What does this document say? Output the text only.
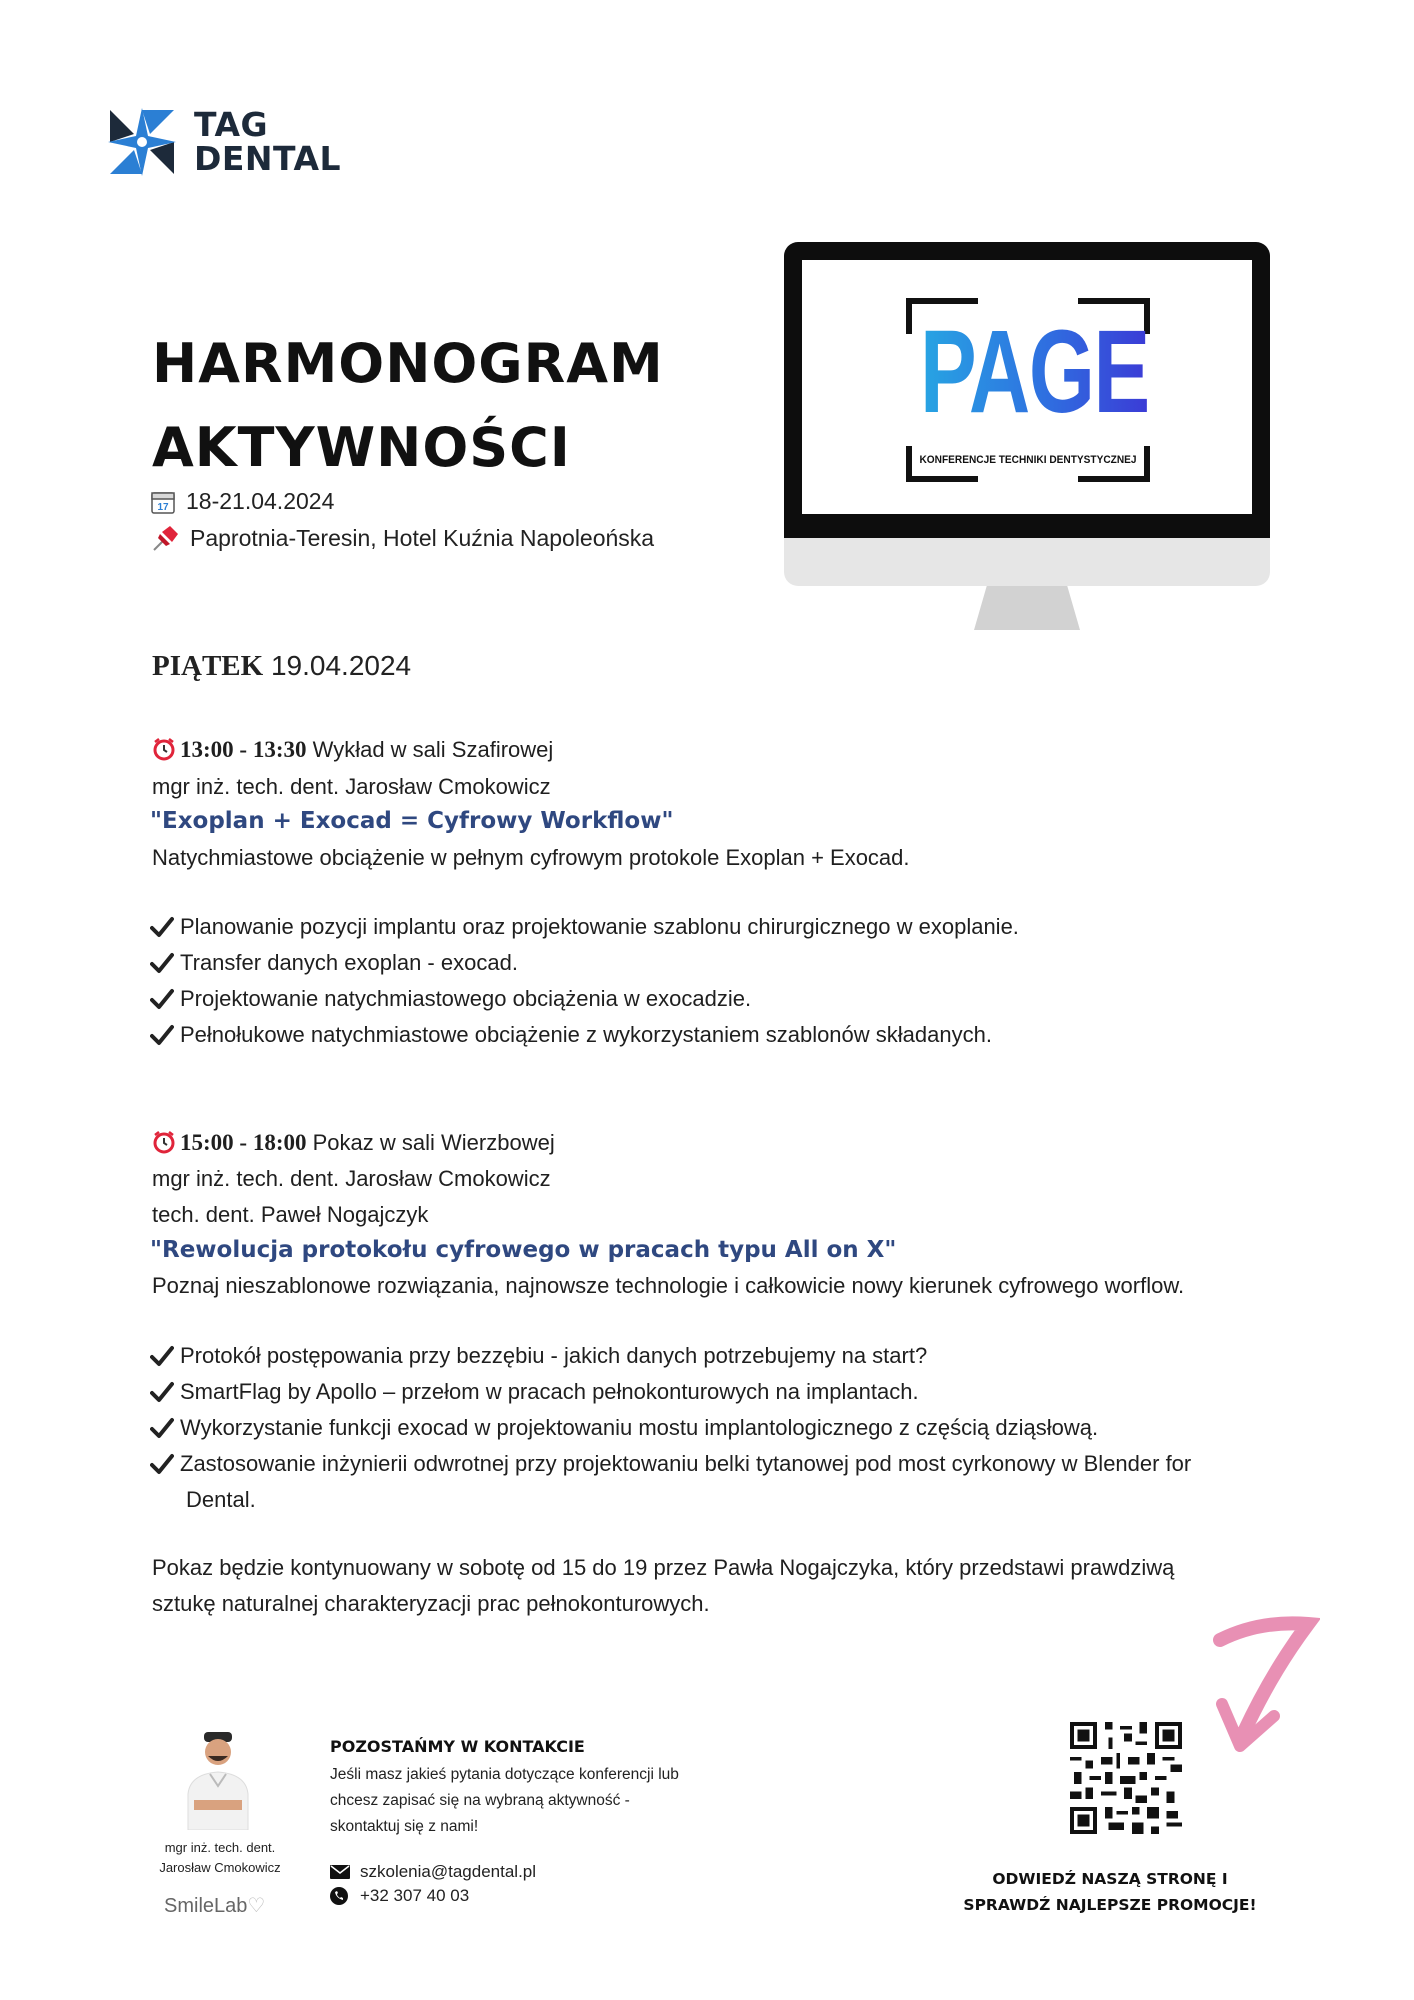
TAG
DENTAL
HARMONOGRAM
AKTYWNOŚCI
17 18-21.04.2024
Paprotnia-Teresin, Hotel Kuźnia Napoleońska
PAGE
KONFERENCJE TECHNIKI DENTYSTYCZNEJ
PIĄTEK 19.04.2024
13:00 - 13:30 Wykład w sali Szafirowej
mgr inż. tech. dent. Jarosław Cmokowicz
"Exoplan + Exocad = Cyfrowy Workflow"
Natychmiastowe obciążenie w pełnym cyfrowym protokole Exoplan + Exocad.
Planowanie pozycji implantu oraz projektowanie szablonu chirurgicznego w exoplanie.
Transfer danych exoplan - exocad.
Projektowanie natychmiastowego obciążenia w exocadzie.
Pełnołukowe natychmiastowe obciążenie z wykorzystaniem szablonów składanych.
15:00 - 18:00 Pokaz w sali Wierzbowej
mgr inż. tech. dent. Jarosław Cmokowicz
tech. dent. Paweł Nogajczyk
"Rewolucja protokołu cyfrowego w pracach typu All on X"
Poznaj nieszablonowe rozwiązania, najnowsze technologie i całkowicie nowy kierunek cyfrowego worflow.
Protokół postępowania przy bezzębiu - jakich danych potrzebujemy na start?
SmartFlag by Apollo – przełom w pracach pełnokonturowych na implantach.
Wykorzystanie funkcji exocad w projektowaniu mostu implantologicznego z częścią dziąsłową.
Zastosowanie inżynierii odwrotnej przy projektowaniu belki tytanowej pod most cyrkonowy w Blender for
Dental.
Pokaz będzie kontynuowany w sobotę od 15 do 19 przez Pawła Nogajczyka, który przedstawi prawdziwą
sztukę naturalnej charakteryzacji prac pełnokonturowych.
mgr inż. tech. dent.
Jarosław Cmokowicz
SmileLab♡
POZOSTAŃMY W KONTAKCIE
Jeśli masz jakieś pytania dotyczące konferencji lub
chcesz zapisać się na wybraną aktywność -
skontaktuj się z nami!
szkolenia@tagdental.pl
+32 307 40 03
ODWIEDŹ NASZĄ STRONĘ I
SPRAWDŹ NAJLEPSZE PROMOCJE!
